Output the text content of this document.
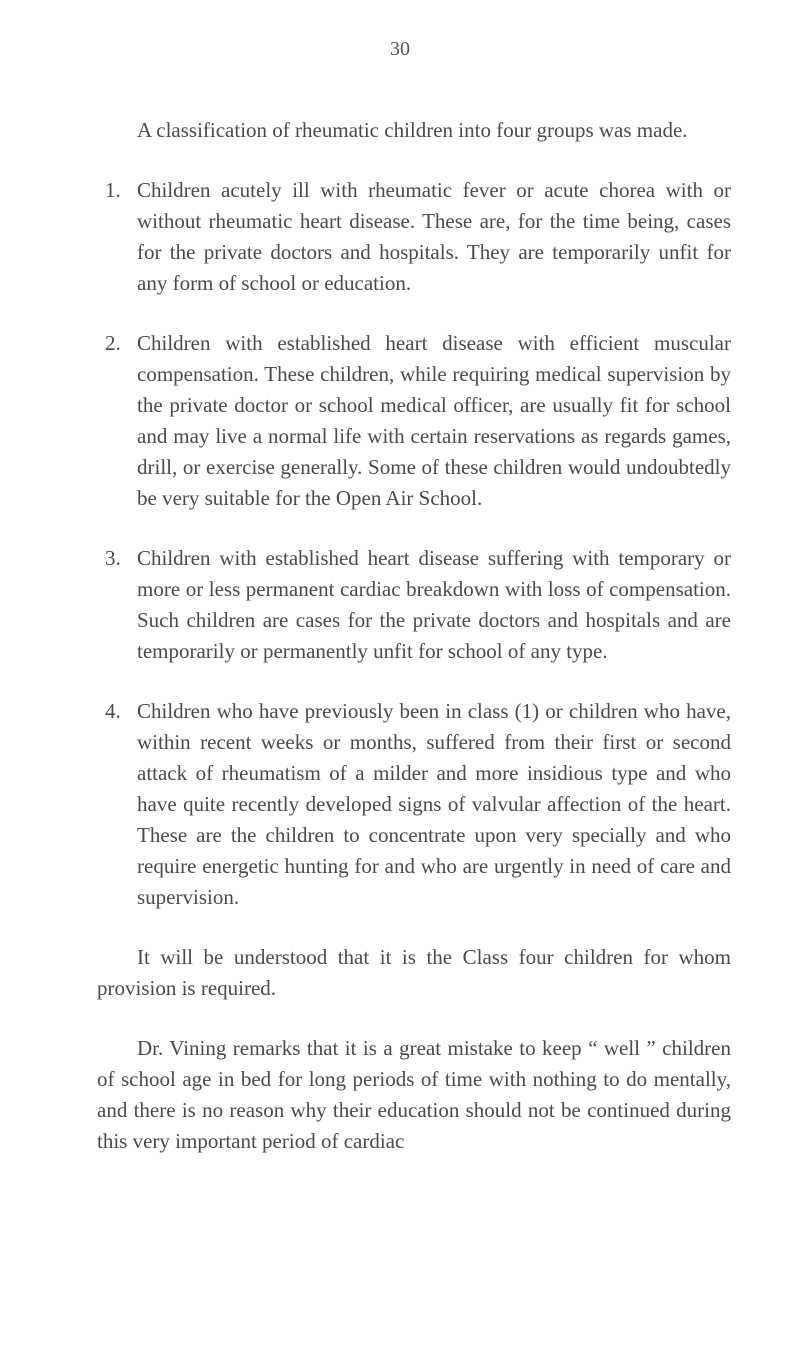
30

A classification of rheumatic children into four groups was made.

1. Children acutely ill with rheumatic fever or acute chorea with or without rheumatic heart disease. These are, for the time being, cases for the private doctors and hospitals. They are temporarily unfit for any form of school or education.
2. Children with established heart disease with efficient muscular compensation. These children, while requiring medical supervision by the private doctor or school medical officer, are usually fit for school and may live a normal life with certain reservations as regards games, drill, or exercise generally. Some of these children would undoubtedly be very suitable for the Open Air School.
3. Children with established heart disease suffering with temporary or more or less permanent cardiac breakdown with loss of compensation. Such children are cases for the private doctors and hospitals and are temporarily or permanently unfit for school of any type.
4. Children who have previously been in class (1) or children who have, within recent weeks or months, suffered from their first or second attack of rheumatism of a milder and more insidious type and who have quite recently developed signs of valvular affection of the heart. These are the children to concentrate upon very specially and who require energetic hunting for and who are urgently in need of care and supervision.

It will be understood that it is the Class four children for whom provision is required.

Dr. Vining remarks that it is a great mistake to keep “ well ” children of school age in bed for long periods of time with nothing to do mentally, and there is no reason why their education should not be continued during this very important period of cardiac
